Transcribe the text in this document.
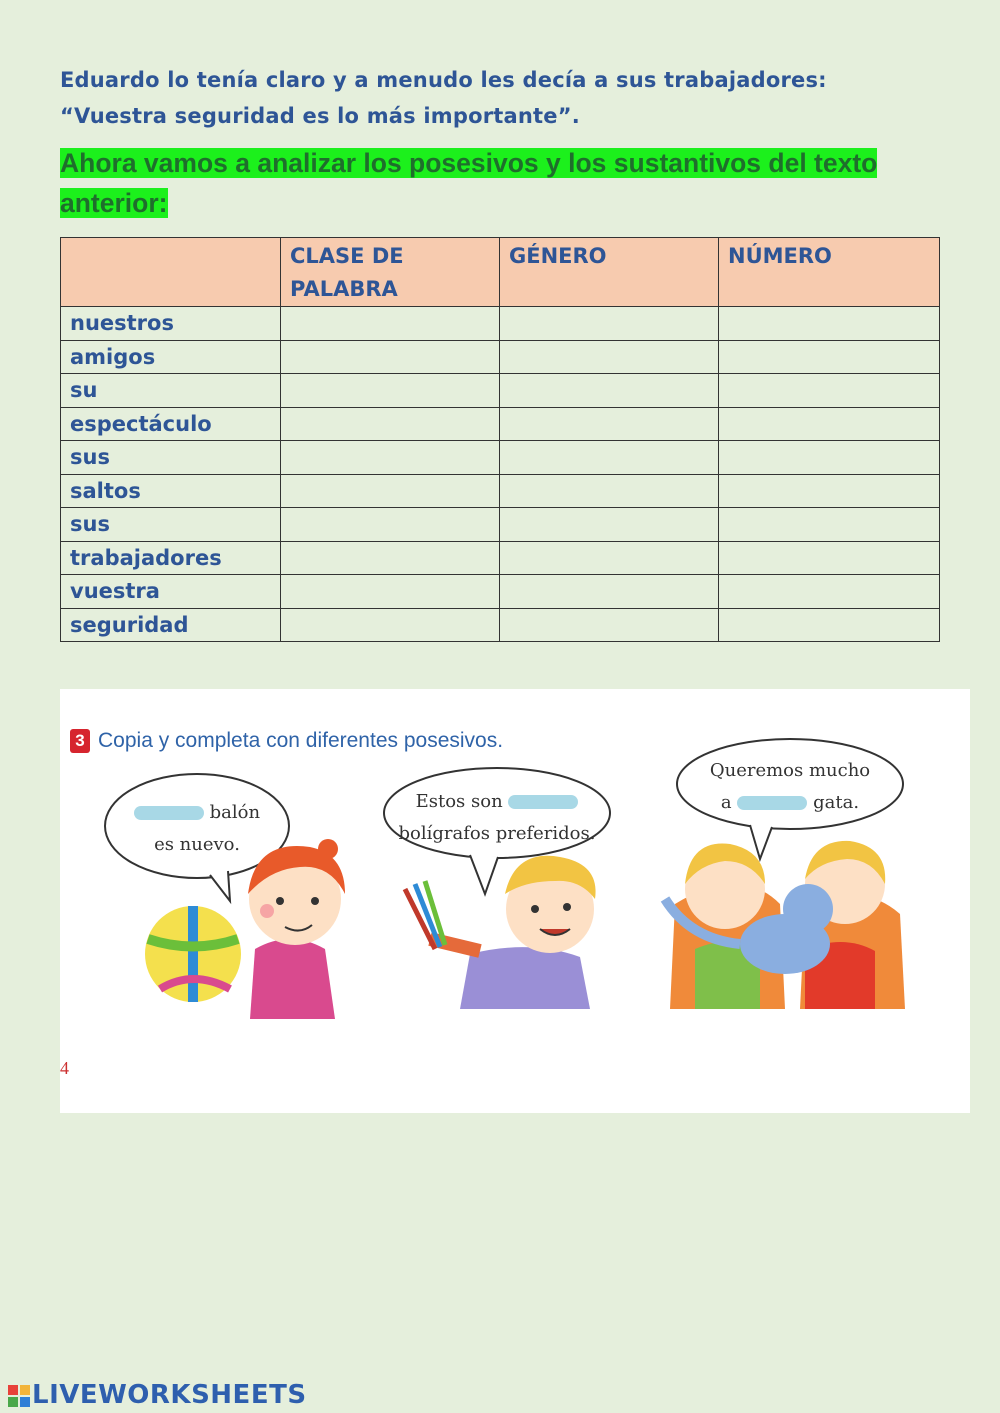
Eduardo lo tenía claro y a menudo les decía a sus trabajadores: “Vuestra seguridad es lo más importante”.
Ahora vamos a analizar los posesivos y los sustantivos del texto anterior:
	CLASE DE PALABRA	GÉNERO	NÚMERO
nuestros			
amigos			
su			
espectáculo			
sus			
saltos			
sus			
trabajadores			
vuestra			
seguridad			
3 Copia y completa con diferentes posesivos.
balón
es nuevo.
Estos son
bolígrafos preferidos.
Queremos mucho
a	gata.
4
LIVEWORKSHEETS
